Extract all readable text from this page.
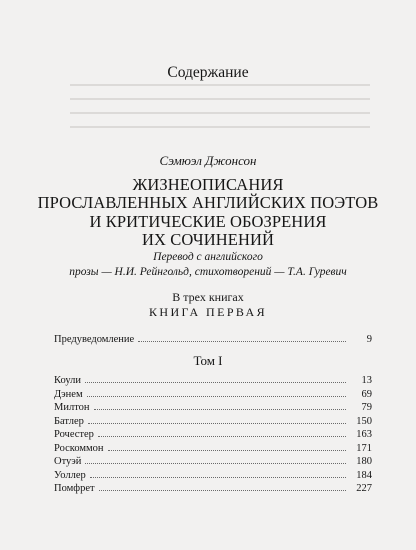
Содержание
Сэмюэл Джонсон
ЖИЗНЕОПИСАНИЯ
ПРОСЛАВЛЕННЫХ АНГЛИЙСКИХ ПОЭТОВ
И КРИТИЧЕСКИЕ ОБОЗРЕНИЯ
ИХ СОЧИНЕНИЙ
Перевод с английского
прозы — Н.И. Рейнгольд, стихотворений — Т.А. Гуревич
В трех книгах
КНИГА ПЕРВАЯ
Предуведомление	9
Том I
Коули	13
Дэнем	69
Милтон	79
Батлер	150
Рочестер	163
Роскоммон	171
Отуэй	180
Уоллер	184
Помфрет	227
